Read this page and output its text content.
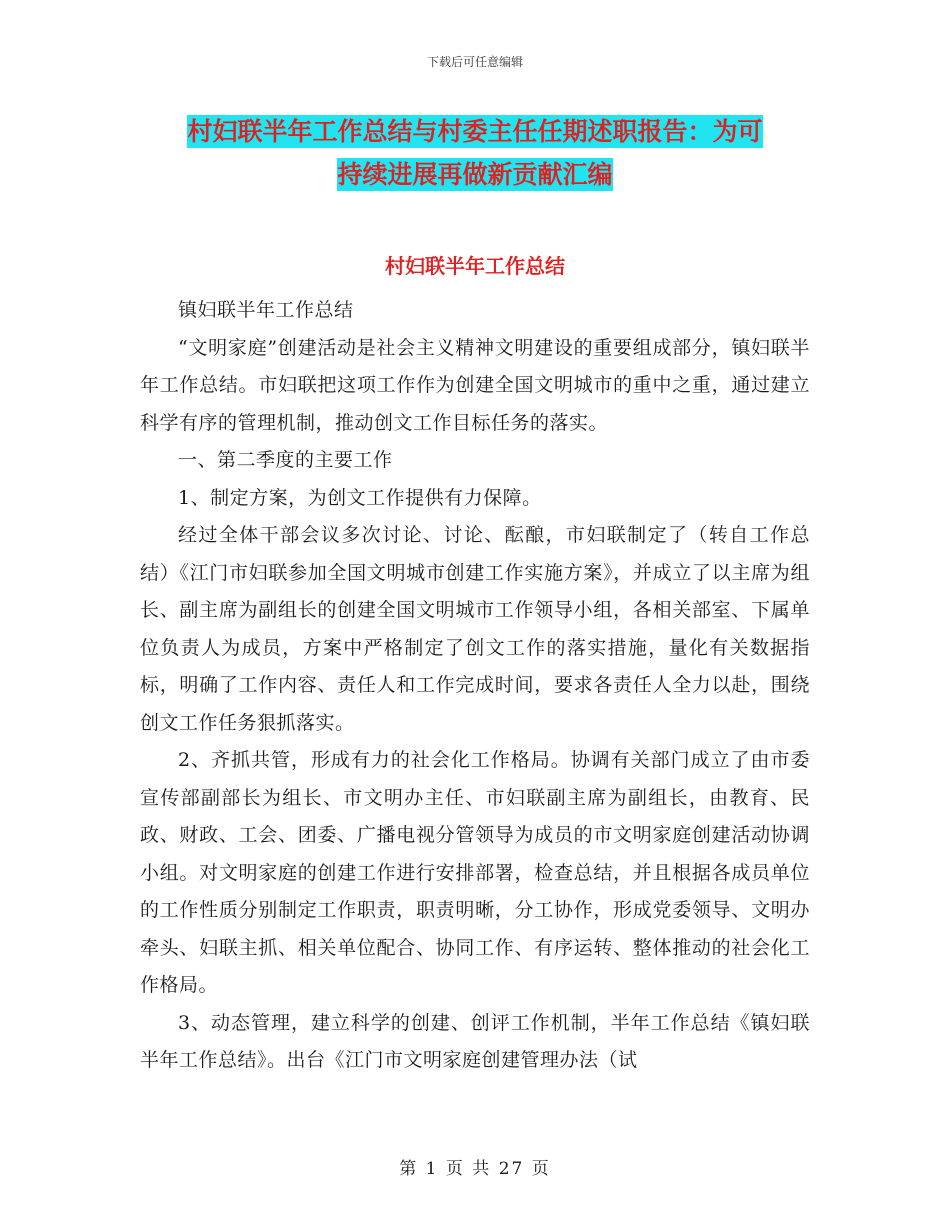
下载后可任意编辑
村妇联半年工作总结与村委主任任期述职报告：为可
持续进展再做新贡献汇编
村妇联半年工作总结

镇妇联半年工作总结

“文明家庭”创建活动是社会主义精神文明建设的重要组成部分，镇妇联半年工作总结。市妇联把这项工作作为创建全国文明城市的重中之重，通过建立科学有序的管理机制，推动创文工作目标任务的落实。

一、第二季度的主要工作

1、制定方案，为创文工作提供有力保障。

经过全体干部会议多次讨论、讨论、酝酿，市妇联制定了（转自工作总结）《江门市妇联参加全国文明城市创建工作实施方案》，并成立了以主席为组长、副主席为副组长的创建全国文明城市工作领导小组，各相关部室、下属单位负责人为成员，方案中严格制定了创文工作的落实措施，量化有关数据指标，明确了工作内容、责任人和工作完成时间，要求各责任人全力以赴，围绕创文工作任务狠抓落实。

2、齐抓共管，形成有力的社会化工作格局。协调有关部门成立了由市委宣传部副部长为组长、市文明办主任、市妇联副主席为副组长，由教育、民政、财政、工会、团委、广播电视分管领导为成员的市文明家庭创建活动协调小组。对文明家庭的创建工作进行安排部署，检查总结，并且根据各成员单位的工作性质分别制定工作职责，职责明晰，分工协作，形成党委领导、文明办牵头、妇联主抓、相关单位配合、协同工作、有序运转、整体推动的社会化工作格局。

3、动态管理，建立科学的创建、创评工作机制，半年工作总结《镇妇联半年工作总结》。出台《江门市文明家庭创建管理办法（试

第 1 页 共 27 页
